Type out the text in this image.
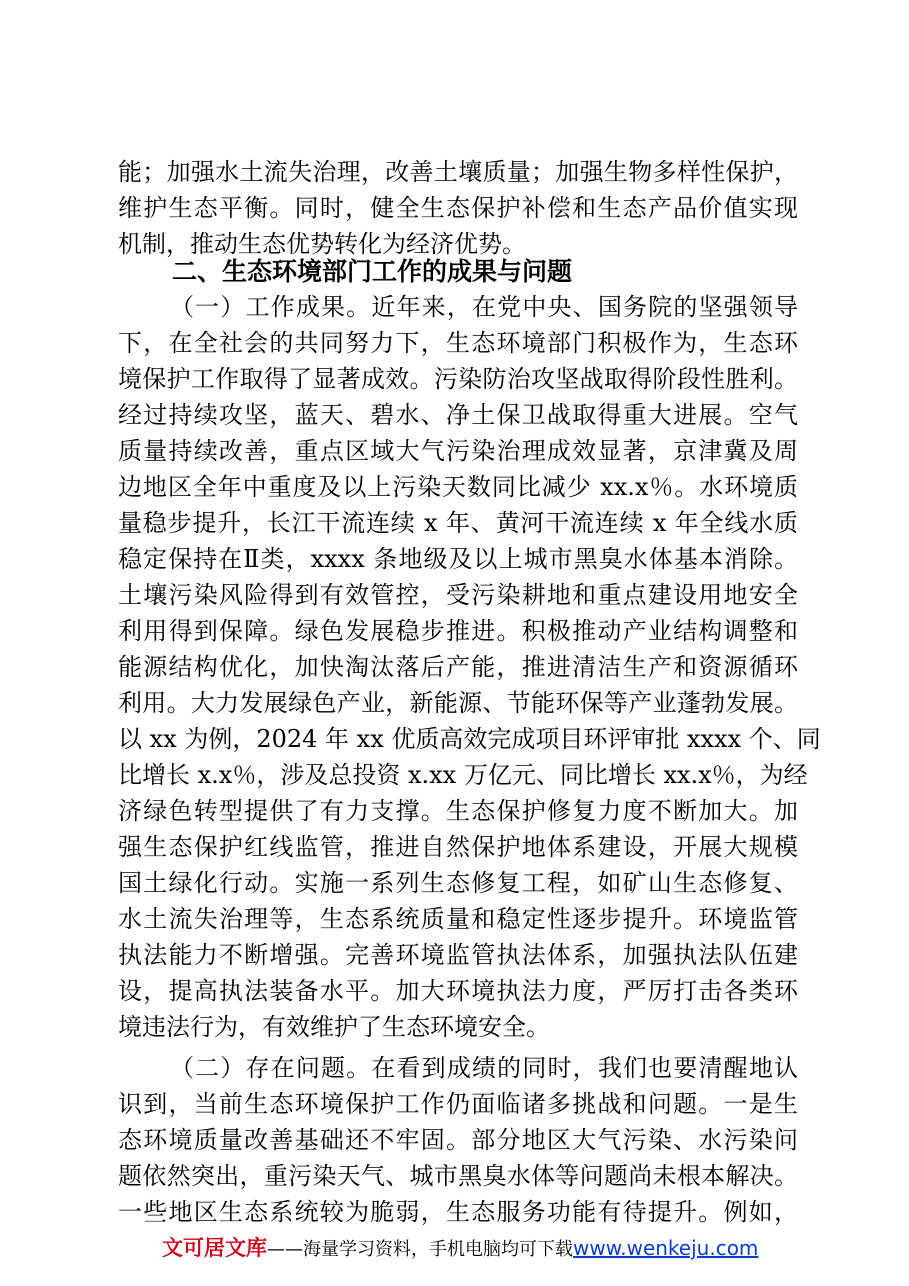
能；加强水土流失治理，改善土壤质量；加强生物多样性保护，
维护生态平衡。同时，健全生态保护补偿和生态产品价值实现
机制，推动生态优势转化为经济优势。
二、生态环境部门工作的成果与问题
（一）工作成果。近年来，在党中央、国务院的坚强领导
下，在全社会的共同努力下，生态环境部门积极作为，生态环
境保护工作取得了显著成效。污染防治攻坚战取得阶段性胜利。
经过持续攻坚，蓝天、碧水、净土保卫战取得重大进展。空气
质量持续改善，重点区域大气污染治理成效显著，京津冀及周
边地区全年中重度及以上污染天数同比减少 xx.x％。水环境质
量稳步提升，长江干流连续 x 年、黄河干流连续 x 年全线水质
稳定保持在Ⅱ类，xxxx 条地级及以上城市黑臭水体基本消除。
土壤污染风险得到有效管控，受污染耕地和重点建设用地安全
利用得到保障。绿色发展稳步推进。积极推动产业结构调整和
能源结构优化，加快淘汰落后产能，推进清洁生产和资源循环
利用。大力发展绿色产业，新能源、节能环保等产业蓬勃发展。
以 xx 为例，2024 年 xx 优质高效完成项目环评审批 xxxx 个、同
比增长 x.x％，涉及总投资 x.xx 万亿元、同比增长 xx.x％，为经
济绿色转型提供了有力支撑。生态保护修复力度不断加大。加
强生态保护红线监管，推进自然保护地体系建设，开展大规模
国土绿化行动。实施一系列生态修复工程，如矿山生态修复、
水土流失治理等，生态系统质量和稳定性逐步提升。环境监管
执法能力不断增强。完善环境监管执法体系，加强执法队伍建
设，提高执法装备水平。加大环境执法力度，严厉打击各类环
境违法行为，有效维护了生态环境安全。
（二）存在问题。在看到成绩的同时，我们也要清醒地认
识到，当前生态环境保护工作仍面临诸多挑战和问题。一是生
态环境质量改善基础还不牢固。部分地区大气污染、水污染问
题依然突出，重污染天气、城市黑臭水体等问题尚未根本解决。
一些地区生态系统较为脆弱，生态服务功能有待提升。例如，
文可居文库——海量学习资料，手机电脑均可下载www.wenkeju.com
